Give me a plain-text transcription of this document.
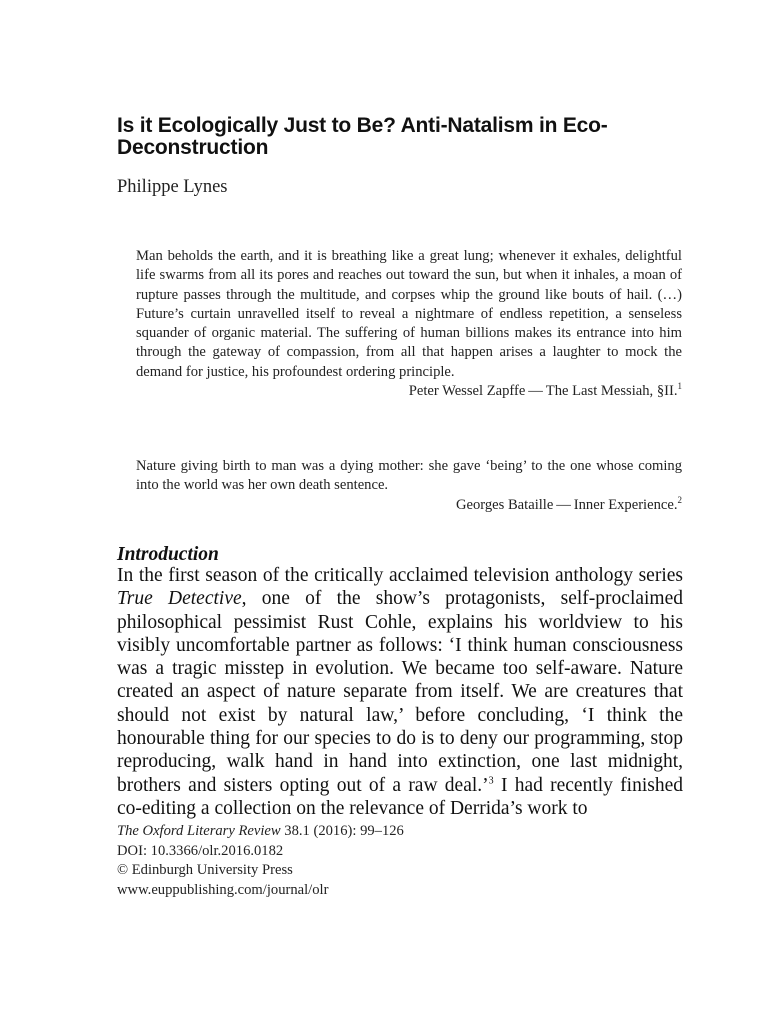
Is it Ecologically Just to Be? Anti-Natalism in Eco-Deconstruction
Philippe Lynes

Man beholds the earth, and it is breathing like a great lung; whenever it exhales, delightful life swarms from all its pores and reaches out toward the sun, but when it inhales, a moan of rupture passes through the multitude, and corpses whip the ground like bouts of hail. (…) Future’s curtain unravelled itself to reveal a nightmare of endless repetition, a senseless squander of organic material. The suffering of human billions makes its entrance into him through the gateway of compassion, from all that happen arises a laughter to mock the demand for justice, his profoundest ordering principle.

Peter Wessel Zapffe — The Last Messiah, §II.$^1$

Nature giving birth to man was a dying mother: she gave ‘being’ to the one whose coming into the world was her own death sentence.

Georges Bataille — Inner Experience.$^2$

Introduction

In the first season of the critically acclaimed television anthology series True Detective, one of the show’s protagonists, self-proclaimed philosophical pessimist Rust Cohle, explains his worldview to his visibly uncomfortable partner as follows: ‘I think human consciousness was a tragic misstep in evolution. We became too self-aware. Nature created an aspect of nature separate from itself. We are creatures that should not exist by natural law,’ before concluding, ‘I think the honourable thing for our species to do is to deny our programming, stop reproducing, walk hand in hand into extinction, one last midnight, brothers and sisters opting out of a raw deal.’$^3$ I had recently finished co-editing a collection on the relevance of Derrida’s work to

The Oxford Literary Review 38.1 (2016): 99–126
DOI: 10.3366/olr.2016.0182
© Edinburgh University Press
www.euppublishing.com/journal/olr
